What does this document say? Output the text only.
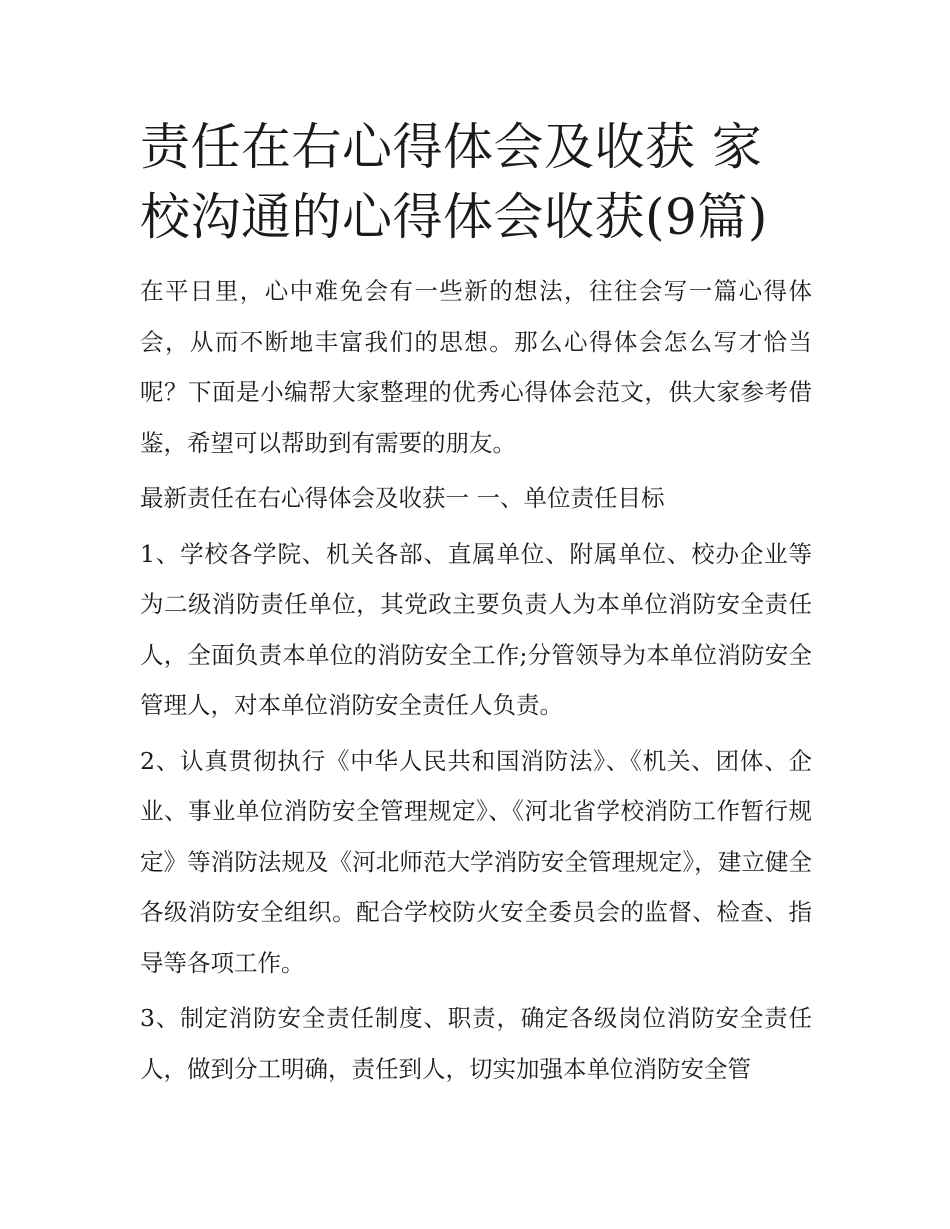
责任在右心得体会及收获 家校沟通的心得体会收获(9篇)

在平日里，心中难免会有一些新的想法，往往会写一篇心得体会，从而不断地丰富我们的思想。那么心得体会怎么写才恰当呢？下面是小编帮大家整理的优秀心得体会范文，供大家参考借鉴，希望可以帮助到有需要的朋友。

最新责任在右心得体会及收获一 一、单位责任目标

1、学校各学院、机关各部、直属单位、附属单位、校办企业等为二级消防责任单位，其党政主要负责人为本单位消防安全责任人，全面负责本单位的消防安全工作;分管领导为本单位消防安全管理人，对本单位消防安全责任人负责。

2、认真贯彻执行《中华人民共和国消防法》、《机关、团体、企业、事业单位消防安全管理规定》、《河北省学校消防工作暂行规定》等消防法规及《河北师范大学消防安全管理规定》，建立健全各级消防安全组织。配合学校防火安全委员会的监督、检查、指导等各项工作。

3、制定消防安全责任制度、职责，确定各级岗位消防安全责任人，做到分工明确，责任到人，切实加强本单位消防安全管
